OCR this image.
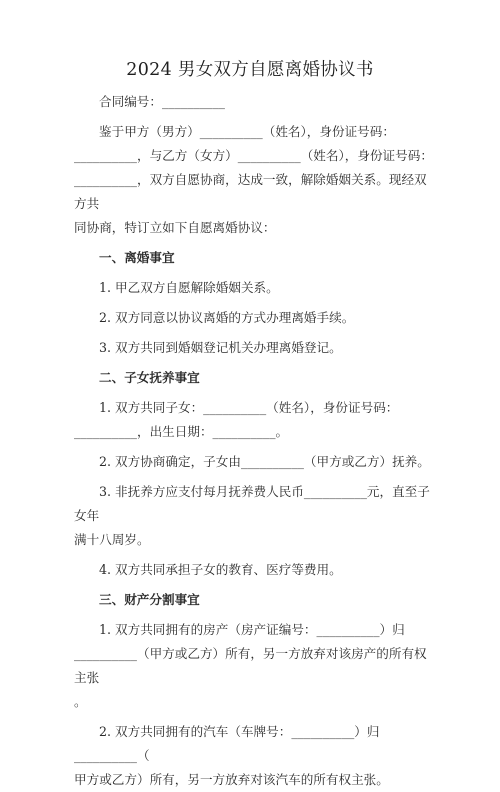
2024 男女双方自愿离婚协议书

合同编号：__________

鉴于甲方（男方）__________（姓名），身份证号码：

__________，与乙方（女方）__________（姓名），身份证号码：

__________，双方自愿协商，达成一致，解除婚姻关系。现经双方共

同协商，特订立如下自愿离婚协议：

一、离婚事宜

1. 甲乙双方自愿解除婚姻关系。

2. 双方同意以协议离婚的方式办理离婚手续。

3. 双方共同到婚姻登记机关办理离婚登记。

二、子女抚养事宜

1. 双方共同子女：__________（姓名），身份证号码：

__________，出生日期：__________。

2. 双方协商确定，子女由__________（甲方或乙方）抚养。

3. 非抚养方应支付每月抚养费人民币__________元，直至子女年

满十八周岁。

4. 双方共同承担子女的教育、医疗等费用。

三、财产分割事宜

1. 双方共同拥有的房产（房产证编号：__________）归

__________（甲方或乙方）所有，另一方放弃对该房产的所有权主张

。

2. 双方共同拥有的汽车（车牌号：__________）归__________（

甲方或乙方）所有，另一方放弃对该汽车的所有权主张。
